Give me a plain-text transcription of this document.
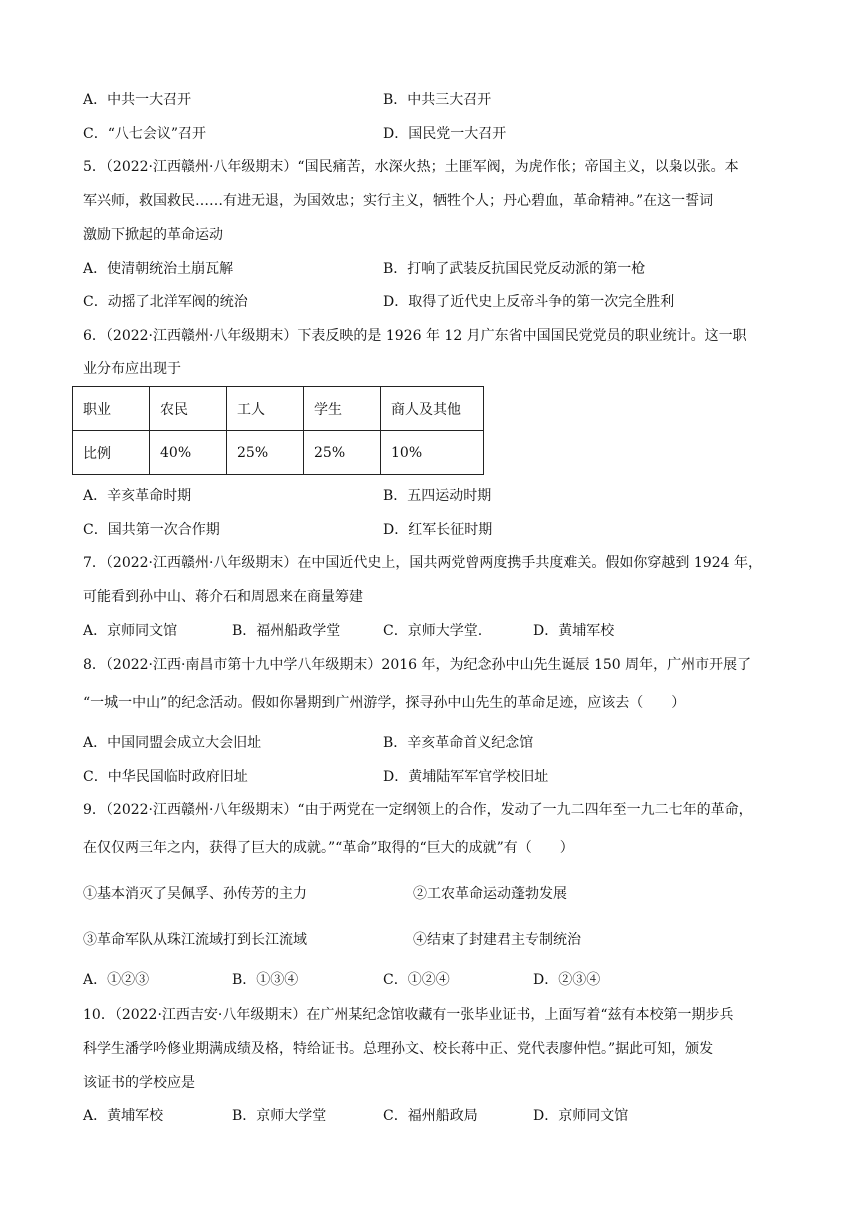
A．中共一大召开	B．中共三大召开
C．“八七会议”召开	D．国民党一大召开
5．（2022·江西赣州·八年级期末）“国民痛苦，水深火热；土匪军阀，为虎作伥；帝国主义，以枭以张。本
军兴师，救国救民……有进无退，为国效忠；实行主义，牺牲个人；丹心碧血，革命精神。”在这一誓词
激励下掀起的革命运动
A．使清朝统治土崩瓦解	B．打响了武装反抗国民党反动派的第一枪
C．动摇了北洋军阀的统治	D．取得了近代史上反帝斗争的第一次完全胜利
6．（2022·江西赣州·八年级期末）下表反映的是 1926 年 12 月广东省中国国民党党员的职业统计。这一职
业分布应出现于
职业	农民	工人	学生	商人及其他
比例	40%	25%	25%	10%
A．辛亥革命时期	B．五四运动时期
C．国共第一次合作期	D．红军长征时期
7．（2022·江西赣州·八年级期末）在中国近代史上，国共两党曾两度携手共度难关。假如你穿越到 1924 年，
可能看到孙中山、蒋介石和周恩来在商量筹建
A．京师同文馆	B．福州船政学堂	C．京师大学堂.	D．黄埔军校
8．（2022·江西·南昌市第十九中学八年级期末）2016 年，为纪念孙中山先生诞辰 150 周年，广州市开展了
“一城一中山”的纪念活动。假如你暑期到广州游学，探寻孙中山先生的革命足迹，应该去（　　）
A．中国同盟会成立大会旧址	B．辛亥革命首义纪念馆
C．中华民国临时政府旧址	D．黄埔陆军军官学校旧址
9．（2022·江西赣州·八年级期末）“由于两党在一定纲领上的合作，发动了一九二四年至一九二七年的革命，
在仅仅两三年之内，获得了巨大的成就。”“革命”取得的“巨大的成就”有（　　）
①基本消灭了吴佩孚、孙传芳的主力	②工农革命运动蓬勃发展
③革命军队从珠江流域打到长江流域	④结束了封建君主专制统治
A．①②③	B．①③④	C．①②④	D．②③④
10．（2022·江西吉安·八年级期末）在广州某纪念馆收藏有一张毕业证书，上面写着“兹有本校第一期步兵
科学生潘学吟修业期满成绩及格，特给证书。总理孙文、校长蒋中正、党代表廖仲恺。”据此可知，颁发
该证书的学校应是
A．黄埔军校	B．京师大学堂	C．福州船政局	D．京师同文馆
